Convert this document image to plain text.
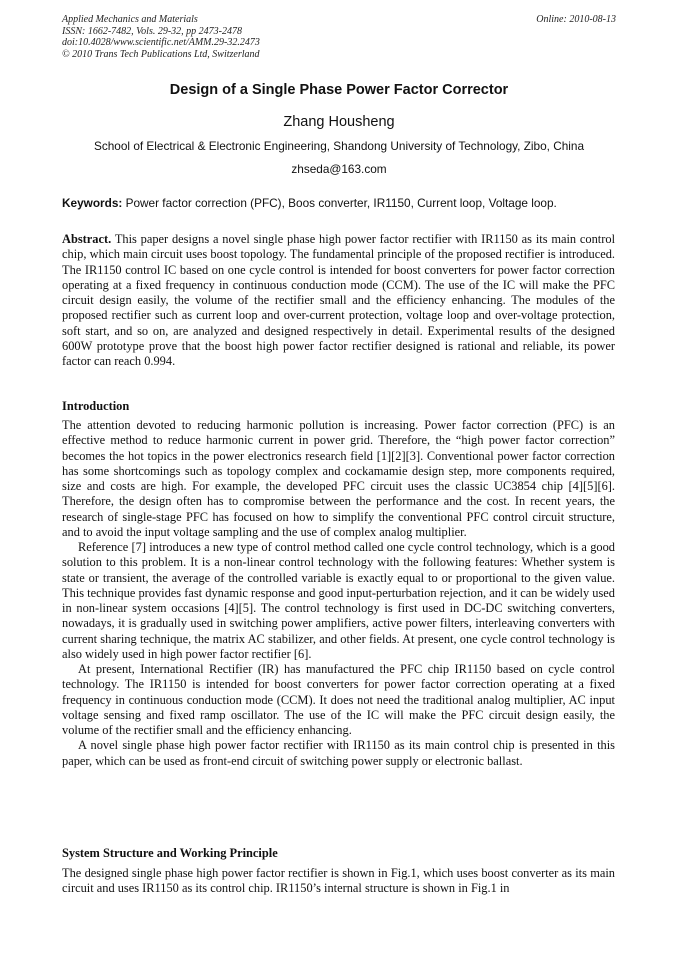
Applied Mechanics and Materials
ISSN: 1662-7482, Vols. 29-32, pp 2473-2478
doi:10.4028/www.scientific.net/AMM.29-32.2473
© 2010 Trans Tech Publications Ltd, Switzerland
Online: 2010-08-13
Design of a Single Phase Power Factor Corrector
Zhang Housheng
School of Electrical & Electronic Engineering, Shandong University of Technology, Zibo, China
zhseda@163.com
Keywords: Power factor correction (PFC), Boos converter, IR1150, Current loop, Voltage loop.

Abstract. This paper designs a novel single phase high power factor rectifier with IR1150 as its main control chip, which main circuit uses boost topology. The fundamental principle of the proposed rectifier is introduced. The IR1150 control IC based on one cycle control is intended for boost converters for power factor correction operating at a fixed frequency in continuous conduction mode (CCM). The use of the IC will make the PFC circuit design easily, the volume of the rectifier small and the efficiency enhancing. The modules of the proposed rectifier such as current loop and over-current protection, voltage loop and over-voltage protection, soft start, and so on, are analyzed and designed respectively in detail. Experimental results of the designed 600W prototype prove that the boost high power factor rectifier designed is rational and reliable, its power factor can reach 0.994.

Introduction

The attention devoted to reducing harmonic pollution is increasing. Power factor correction (PFC) is an effective method to reduce harmonic current in power grid. Therefore, the “high power factor correction” becomes the hot topics in the power electronics research field [1][2][3]. Conventional power factor correction has some shortcomings such as topology complex and cockamamie design step, more components required, size and costs are high. For example, the developed PFC circuit uses the classic UC3854 chip [4][5][6]. Therefore, the design often has to compromise between the performance and the cost. In recent years, the research of single-stage PFC has focused on how to simplify the conventional PFC control circuit structure, and to avoid the input voltage sampling and the use of complex analog multiplier.

Reference [7] introduces a new type of control method called one cycle control technology, which is a good solution to this problem. It is a non-linear control technology with the following features: Whether system is state or transient, the average of the controlled variable is exactly equal to or proportional to the given value. This technique provides fast dynamic response and good input-perturbation rejection, and it can be widely used in non-linear system occasions [4][5]. The control technology is first used in DC-DC switching converters, nowadays, it is gradually used in switching power amplifiers, active power filters, interleaving converters with current sharing technique, the matrix AC stabilizer, and other fields. At present, one cycle control technology is also widely used in high power factor rectifier [6].

At present, International Rectifier (IR) has manufactured the PFC chip IR1150 based on cycle control technology. The IR1150 is intended for boost converters for power factor correction operating at a fixed frequency in continuous conduction mode (CCM). It does not need the traditional analog multiplier, AC input voltage sensing and fixed ramp oscillator. The use of the IC will make the PFC circuit design easily, the volume of the rectifier small and the efficiency enhancing.

A novel single phase high power factor rectifier with IR1150 as its main control chip is presented in this paper, which can be used as front-end circuit of switching power supply or electronic ballast.

System Structure and Working Principle

The designed single phase high power factor rectifier is shown in Fig.1, which uses boost converter as its main circuit and uses IR1150 as its control chip. IR1150’s internal structure is shown in Fig.1 in
